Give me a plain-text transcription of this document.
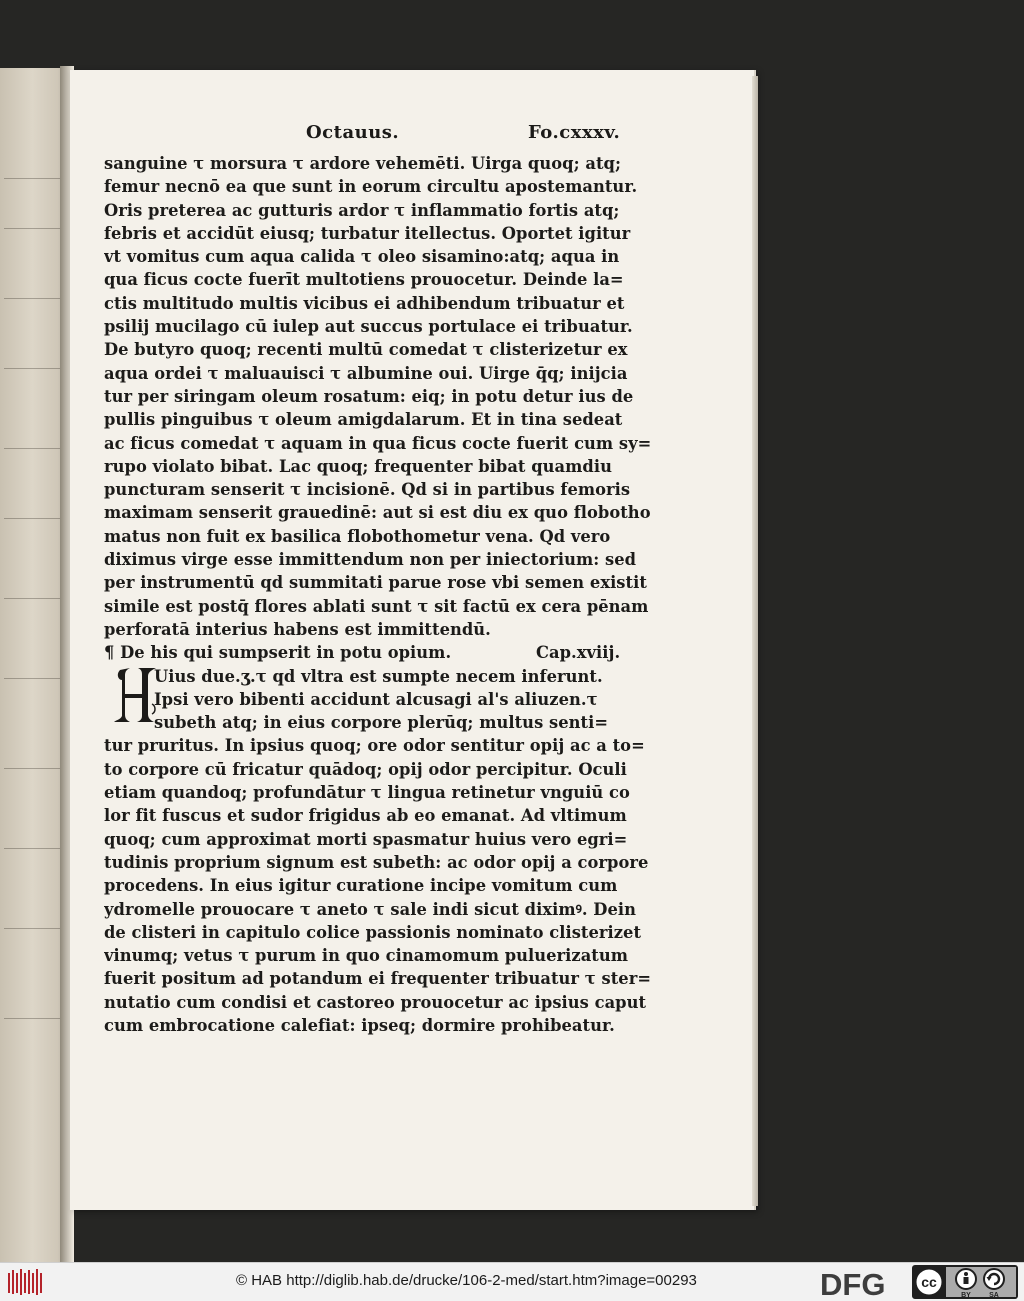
Octauus.	Fo.cxxxv.
sanguine τ morsura τ ardore vehemēti. Uirga quoq; atq;
femur necnō ea que sunt in eorum circultu apostemantur.
Oris preterea ac gutturis ardor τ inflammatio fortis atq;
febris et accidūt eiusq; turbatur itellectus. Oportet igitur
vt vomitus cum aqua calida τ oleo sisamino:atq; aqua in
qua ficus cocte fuerīt multotiens prouocetur. Deinde la=
ctis multitudo multis vicibus ei adhibendum tribuatur et
psilij mucilago cū iulep aut succus portulace ei tribuatur.
De butyro quoq; recenti multū comedat τ clisterizetur ex
aqua ordei τ maluauisci τ albumine oui. Uirge q̄q; inijcia
tur per siringam oleum rosatum: eiq; in potu detur ius de
pullis pinguibus τ oleum amigdalarum. Et in tina sedeat
ac ficus comedat τ aquam in qua ficus cocte fuerit cum sy=
rupo violato bibat. Lac quoq; frequenter bibat quamdiu
puncturam senserit τ incisionē. Qd si in partibus femoris
maximam senserit grauedinē: aut si est diu ex quo flobotho
matus non fuit ex basilica flobothometur vena. Qd vero
diximus virge esse immittendum non per iniectorium: sed
per instrumentū qd summitati parue rose vbi semen existit
simile est postq̄ flores ablati sunt τ sit factū ex cera pēnam
perforatā interius habens est immittendū.
¶ De his qui sumpserit in potu opium.	Cap.xviij.
Uius due.ʒ.τ qd vltra est sumpte necem inferunt.
Ipsi vero bibenti accidunt alcusagi al's aliuzen.τ
subeth atq; in eius corpore plerūq; multus senti=
tur pruritus. In ipsius quoq; ore odor sentitur opij ac a to=
to corpore cū fricatur quādoq; opij odor percipitur. Oculi
etiam quandoq; profundātur τ lingua retinetur vnguiū co
lor fit fuscus et sudor frigidus ab eo emanat. Ad vltimum
quoq; cum approximat morti spasmatur huius vero egri=
tudinis proprium signum est subeth: ac odor opij a corpore
procedens. In eius igitur curatione incipe vomitum cum
ydromelle prouocare τ aneto τ sale indi sicut diximꝰ. Dein
de clisteri in capitulo colice passionis nominato clisterizet
vinumq; vetus τ purum in quo cinamomum puluerizatum
fuerit positum ad potandum ei frequenter tribuatur τ ster=
nutatio cum condisi et castoreo prouocetur ac ipsius caput
cum embrocatione calefiat: ipseq; dormire prohibeatur.
© HAB http://diglib.hab.de/drucke/106-2-med/start.htm?image=00293	DFG	cc
BY	SA
